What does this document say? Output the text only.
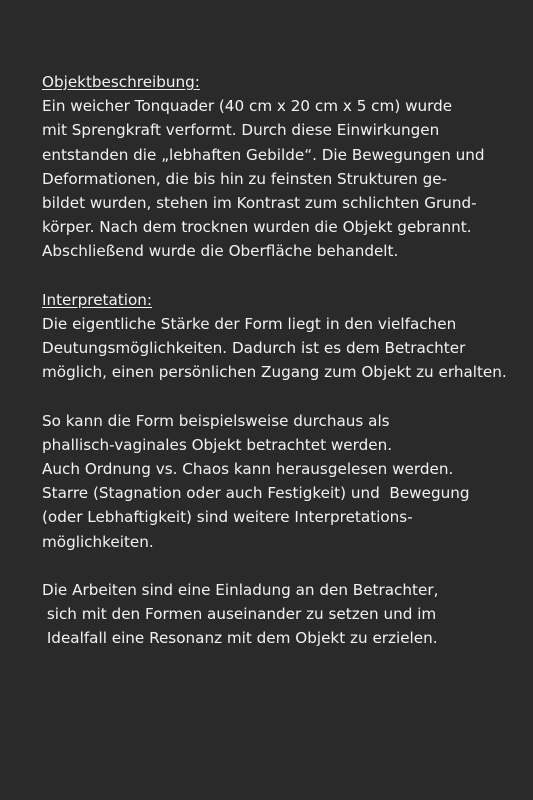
Objektbeschreibung:
Ein weicher Tonquader (40 cm x 20 cm x 5 cm) wurde
mit Sprengkraft verformt. Durch diese Einwirkungen
entstanden die „lebhaften Gebilde“. Die Bewegungen und
Deformationen, die bis hin zu feinsten Strukturen ge-
bildet wurden, stehen im Kontrast zum schlichten Grund-
körper. Nach dem trocknen wurden die Objekt gebrannt.
Abschließend wurde die Oberfläche behandelt.
Interpretation:
Die eigentliche Stärke der Form liegt in den vielfachen
Deutungsmöglichkeiten. Dadurch ist es dem Betrachter
möglich, einen persönlichen Zugang zum Objekt zu erhalten.
So kann die Form beispielsweise durchaus als
phallisch-vaginales Objekt betrachtet werden.
Auch Ordnung vs. Chaos kann herausgelesen werden.
Starre (Stagnation oder auch Festigkeit) und  Bewegung
(oder Lebhaftigkeit) sind weitere Interpretations-
möglichkeiten.
Die Arbeiten sind eine Einladung an den Betrachter,
sich mit den Formen auseinander zu setzen und im
Idealfall eine Resonanz mit dem Objekt zu erzielen.
